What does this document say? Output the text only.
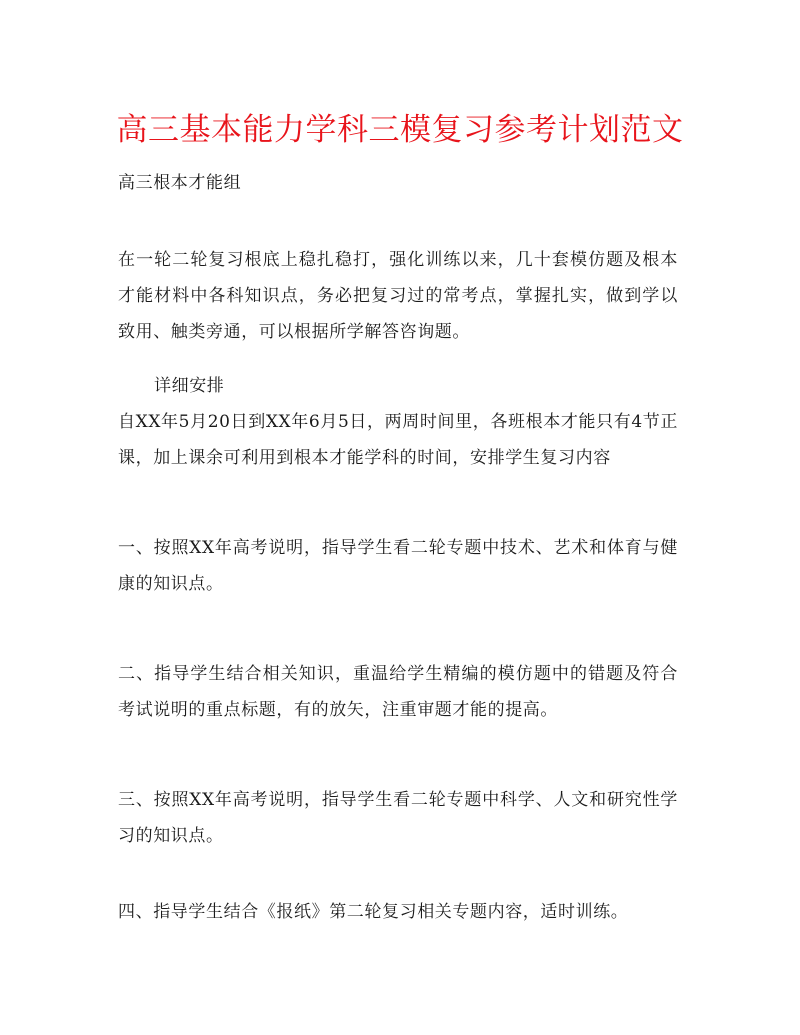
高三基本能力学科三模复习参考计划范文

高三根本才能组

在一轮二轮复习根底上稳扎稳打，强化训练以来，几十套模仿题及根本才能材料中各科知识点，务必把复习过的常考点，掌握扎实，做到学以致用、触类旁通，可以根据所学解答咨询题。

详细安排

自XX年5月20日到XX年6月5日，两周时间里，各班根本才能只有4节正课，加上课余可利用到根本才能学科的时间，安排学生复习内容

一、按照XX年高考说明，指导学生看二轮专题中技术、艺术和体育与健康的知识点。

二、指导学生结合相关知识，重温给学生精编的模仿题中的错题及符合考试说明的重点标题，有的放矢，注重审题才能的提高。

三、按照XX年高考说明，指导学生看二轮专题中科学、人文和研究性学习的知识点。

四、指导学生结合《报纸》第二轮复习相关专题内容，适时训练。
